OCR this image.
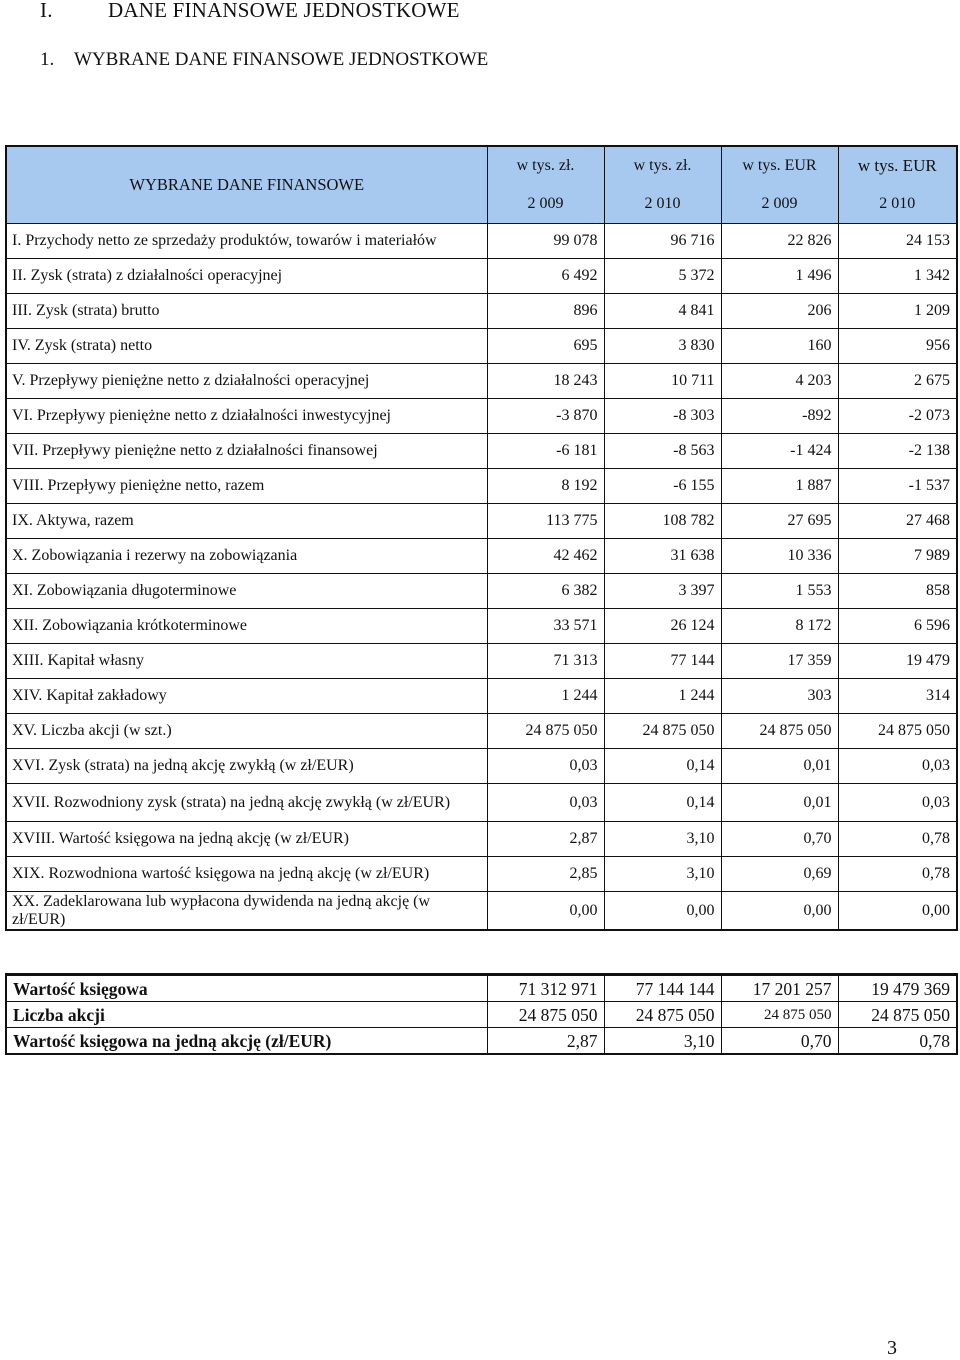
I.	DANE FINANSOWE JEDNOSTKOWE
1. WYBRANE DANE FINANSOWE JEDNOSTKOWE
WYBRANE DANE FINANSOWE	w tys. zł.	w tys. zł.	w tys. EUR	w tys. EUR
	2 009	2 010	2 009	2 010
I. Przychody netto ze sprzedaży produktów, towarów i materiałów	99 078	96 716	22 826	24 153
II. Zysk (strata) z działalności operacyjnej	6 492	5 372	1 496	1 342
III. Zysk (strata) brutto	896	4 841	206	1 209
IV. Zysk (strata) netto	695	3 830	160	956
V. Przepływy pieniężne netto z działalności operacyjnej	18 243	10 711	4 203	2 675
VI. Przepływy pieniężne netto z działalności inwestycyjnej	-3 870	-8 303	-892	-2 073
VII. Przepływy pieniężne netto z działalności finansowej	-6 181	-8 563	-1 424	-2 138
VIII. Przepływy pieniężne netto, razem	8 192	-6 155	1 887	-1 537
IX. Aktywa, razem	113 775	108 782	27 695	27 468
X. Zobowiązania i rezerwy na zobowiązania	42 462	31 638	10 336	7 989
XI. Zobowiązania długoterminowe	6 382	3 397	1 553	858
XII. Zobowiązania krótkoterminowe	33 571	26 124	8 172	6 596
XIII. Kapitał własny	71 313	77 144	17 359	19 479
XIV. Kapitał zakładowy	1 244	1 244	303	314
XV. Liczba akcji (w szt.)	24 875 050	24 875 050	24 875 050	24 875 050
XVI. Zysk (strata) na jedną akcję zwykłą (w zł/EUR)	0,03	0,14	0,01	0,03
XVII. Rozwodniony zysk (strata) na jedną akcję zwykłą (w zł/EUR)	0,03	0,14	0,01	0,03
XVIII. Wartość księgowa na jedną akcję (w zł/EUR)	2,87	3,10	0,70	0,78
XIX. Rozwodniona wartość księgowa na jedną akcję (w zł/EUR)	2,85	3,10	0,69	0,78
XX. Zadeklarowana lub wypłacona dywidenda na jedną akcję (w zł/EUR)	0,00	0,00	0,00	0,00
Wartość księgowa	71 312 971	77 144 144	17 201 257	19 479 369
Liczba akcji	24 875 050	24 875 050	24 875 050	24 875 050
Wartość księgowa na jedną akcję (zł/EUR)	2,87	3,10	0,70	0,78
3
